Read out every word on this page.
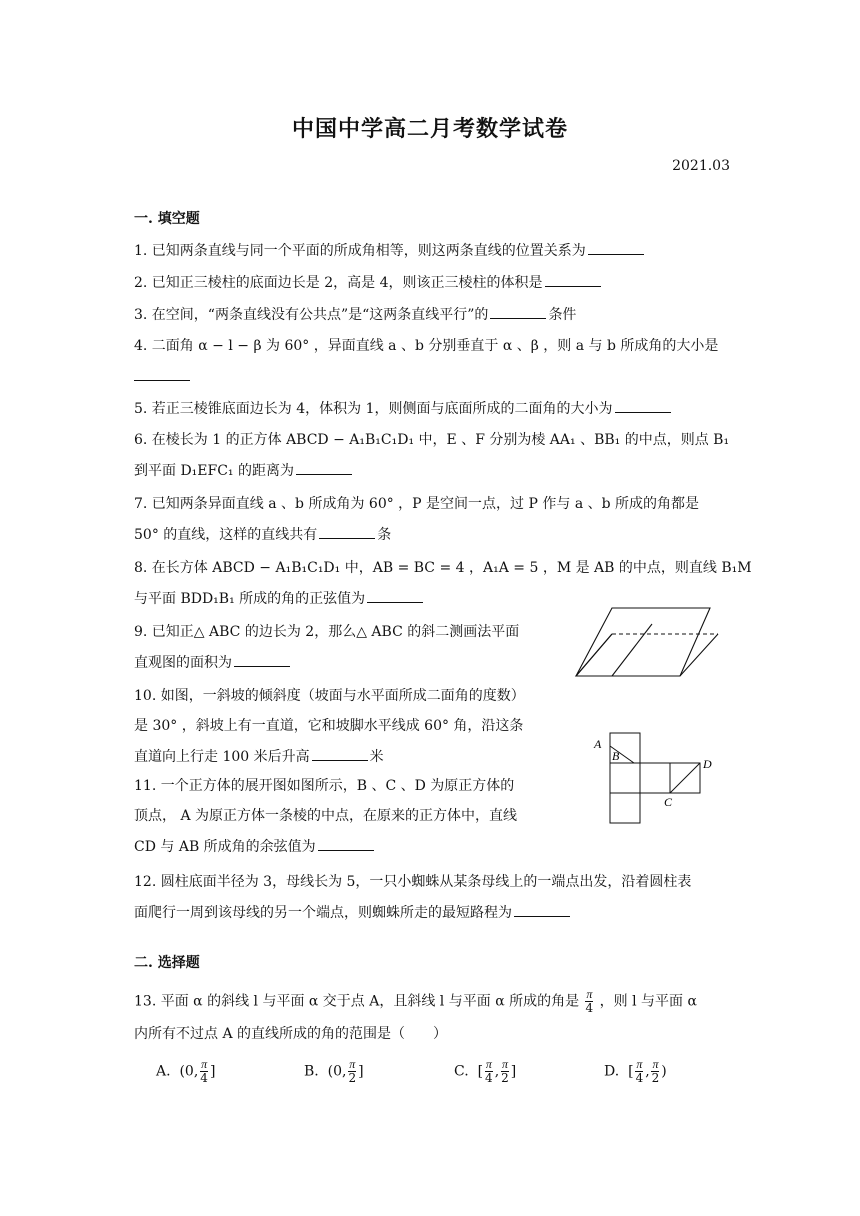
中国中学高二月考数学试卷
2021.03
一. 填空题
1. 已知两条直线与同一个平面的所成角相等，则这两条直线的位置关系为
2. 已知正三棱柱的底面边长是 2，高是 4，则该正三棱柱的体积是
3. 在空间，“两条直线没有公共点”是“这两条直线平行”的	条件
4. 二面角 α − l − β 为 60° ，异面直线 a 、b 分别垂直于 α 、β ，则 a 与 b 所成角的大小是
5. 若正三棱锥底面边长为 4，体积为 1，则侧面与底面所成的二面角的大小为
6. 在棱长为 1 的正方体 ABCD − A₁B₁C₁D₁ 中，E 、F 分别为棱 AA₁ 、BB₁ 的中点，则点 B₁
到平面 D₁EFC₁ 的距离为
7. 已知两条异面直线 a 、b 所成角为 60° ，P 是空间一点，过 P 作与 a 、b 所成的角都是
50° 的直线，这样的直线共有	条
8. 在长方体 ABCD − A₁B₁C₁D₁ 中，AB = BC = 4 ，A₁A = 5 ，M 是 AB 的中点，则直线 B₁M
与平面 BDD₁B₁ 所成的角的正弦值为
9. 已知正△ ABC 的边长为 2，那么△ ABC 的斜二测画法平面
直观图的面积为
10. 如图，一斜坡的倾斜度（坡面与水平面所成二面角的度数）
是 30° ，斜坡上有一直道，它和坡脚水平线成 60° 角，沿这条
直道向上行走 100 米后升高	米
11. 一个正方体的展开图如图所示，B 、C 、D 为原正方体的
顶点， A 为原正方体一条棱的中点，在原来的正方体中，直线
CD 与 AB 所成角的余弦值为
12. 圆柱底面半径为 3，母线长为 5，一只小蜘蛛从某条母线上的一端点出发，沿着圆柱表
面爬行一周到该母线的另一个端点，则蜘蛛所走的最短路程为
二. 选择题
13. 平面 α 的斜线 l 与平面 α 交于点 A，且斜线 l 与平面 α 所成的角是 $\frac{\pi}{4}$ ，则 l 与平面 α
内所有不过点 A 的直线所成的角的范围是（　　）
A. (0, $\frac{\pi}{4}$ ]	B. (0, $\frac{\pi}{2}$ ]	C. [ $\frac{\pi}{4}$ , $\frac{\pi}{2}$ ]	D. [ $\frac{\pi}{4}$ , $\frac{\pi}{2}$ )
A
B
C
D
